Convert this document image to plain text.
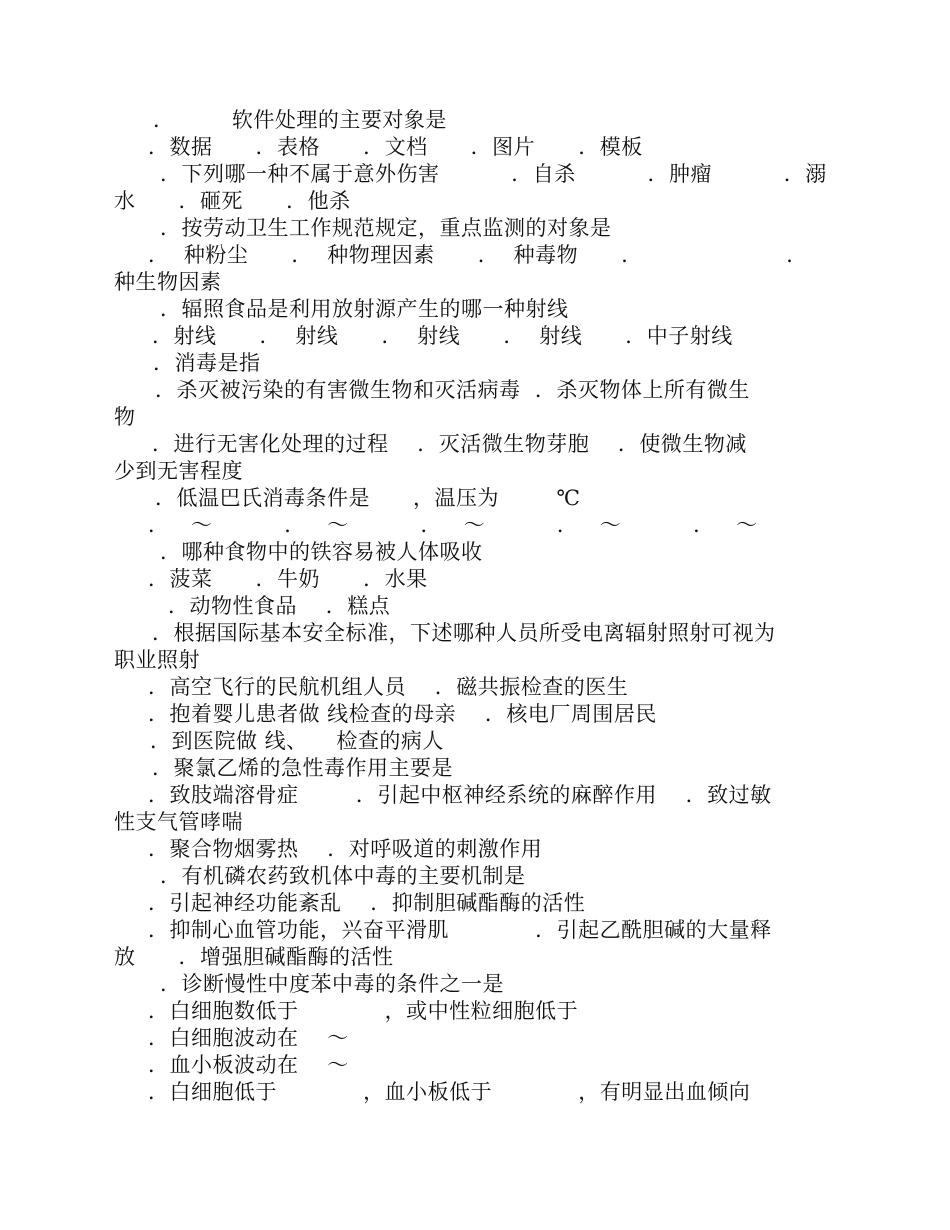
．        软件处理的主要对象是
．数据      ．表格      ．文档      ．图片      ．模板
．下列哪一种不属于意外伤害          ．自杀          ．肿瘤          ．溺
水      ．砸死      ．他杀
．按劳动卫生工作规范规定，重点监测的对象是
．  种粉尘      ．  种物理因素      ．  种毒物      ．                    ．
种生物因素
．辐照食品是利用放射源产生的哪一种射线
．射线      ．  射线      ．  射线      ．  射线      ．中子射线
．消毒是指
．杀灭被污染的有害微生物和灭活病毒  ．杀灭物体上所有微生
物
．进行无害化处理的过程    ．灭活微生物芽胞    ．使微生物减
少到无害程度
．低温巴氏消毒条件是      ，温压为        ℃
．   ～          ．   ～          ．   ～          ．   ～          ．   ～
．哪种食物中的铁容易被人体吸收
．菠菜      ．牛奶      ．水果
．动物性食品    ．糕点
．根据国际基本安全标准，下述哪种人员所受电离辐射照射可视为
职业照射
．高空飞行的民航机组人员    ．磁共振检查的医生
．抱着婴儿患者做 线检查的母亲    ．核电厂周围居民
．到医院做 线、    检查的病人
．聚氯乙烯的急性毒作用主要是
．致肢端溶骨症        ．引起中枢神经系统的麻醉作用    ．致过敏
性支气管哮喘
．聚合物烟雾热    ．对呼吸道的刺激作用
．有机磷农药致机体中毒的主要机制是
．引起神经功能紊乱    ．抑制胆碱酯酶的活性
．抑制心血管功能，兴奋平滑肌            ．引起乙酰胆碱的大量释
放      ．增强胆碱酯酶的活性
．诊断慢性中度苯中毒的条件之一是
．白细胞数低于            ，或中性粒细胞低于
．白细胞波动在    ～
．血小板波动在    ～
．白细胞低于            ，血小板低于            ，有明显出血倾向
